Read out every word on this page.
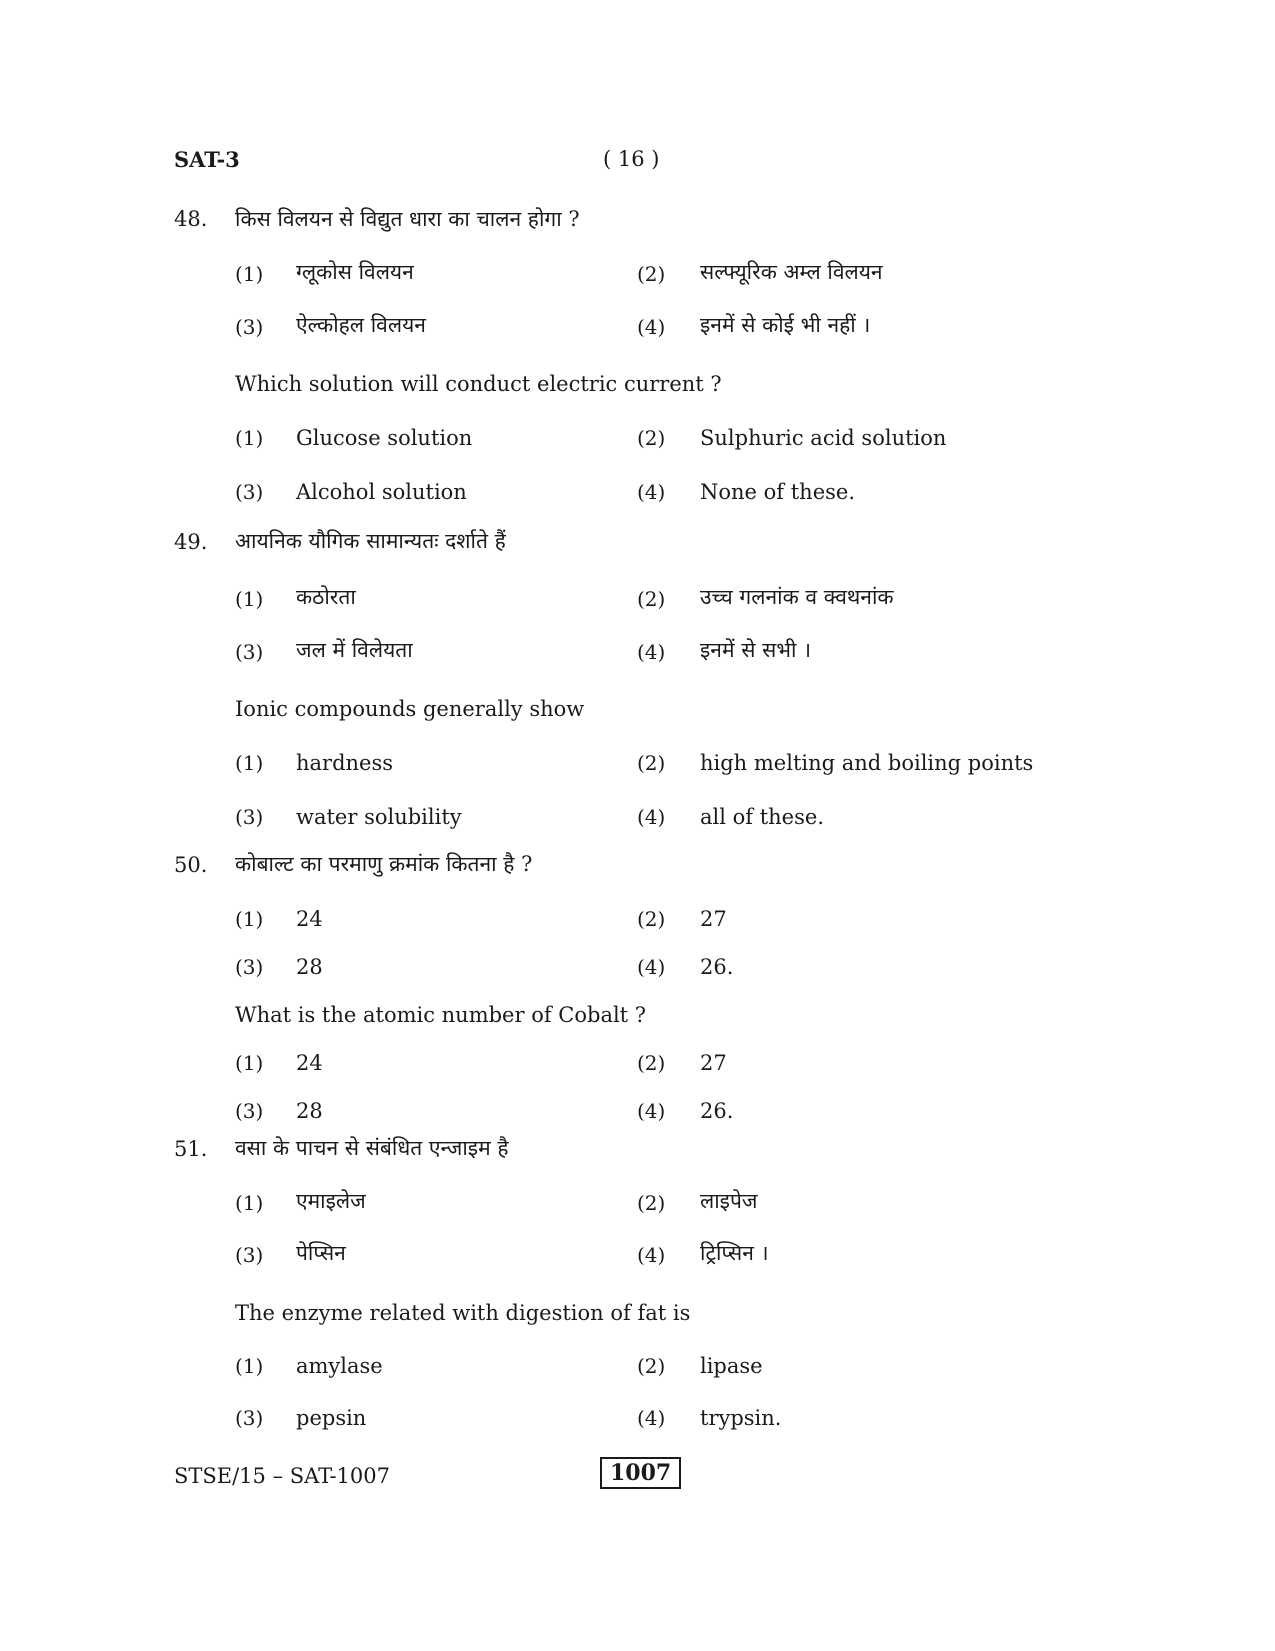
SAT-3	( 16 )
48. किस विलयन से विद्युत धारा का चालन होगा ?
(1) ग्लूकोस विलयन	(2) सल्फ्यूरिक अम्ल विलयन
(3) ऐल्कोहल विलयन	(4) इनमें से कोई भी नहीं ।
Which solution will conduct electric current ?
(1) Glucose solution	(2) Sulphuric acid solution
(3) Alcohol solution	(4) None of these.
49. आयनिक यौगिक सामान्यतः दर्शाते हैं
(1) कठोरता	(2) उच्च गलनांक व क्वथनांक
(3) जल में विलेयता	(4) इनमें से सभी ।
Ionic compounds generally show
(1) hardness	(2) high melting and boiling points
(3) water solubility	(4) all of these.
50. कोबाल्ट का परमाणु क्रमांक कितना है ?
(1) 24	(2) 27
(3) 28	(4) 26.
What is the atomic number of Cobalt ?
(1) 24	(2) 27
(3) 28	(4) 26.
51. वसा के पाचन से संबंधित एन्जाइम है
(1) एमाइलेज	(2) लाइपेज
(3) पेप्सिन	(4) ट्रिप्सिन ।
The enzyme related with digestion of fat is
(1) amylase	(2) lipase
(3) pepsin	(4) trypsin.
STSE/15 – SAT-1007	1007
